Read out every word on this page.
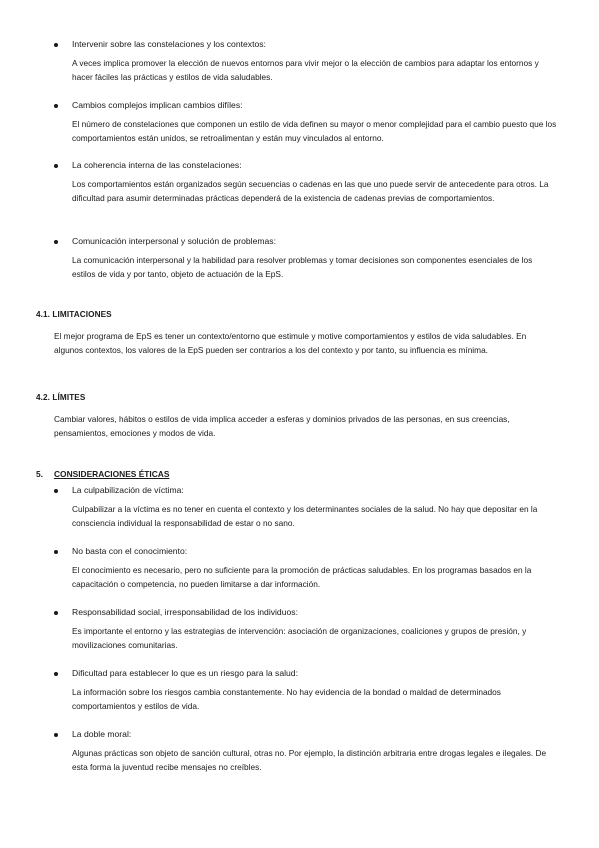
Intervenir sobre las constelaciones y los contextos:
A veces implica promover la elección de nuevos entornos para vivir mejor o la elección de cambios para adaptar los entornos y hacer fáciles las prácticas y estilos de vida saludables.
Cambios complejos implican cambios difíles:
El número de constelaciones que componen un estilo de vida definen su mayor o menor complejidad para el cambio puesto que los comportamientos están unidos, se retroalimentan y están muy vinculados al entorno.
La coherencia interna de las constelaciones:
Los comportamientos están organizados según secuencias o cadenas en las que uno puede servir de antecedente para otros. La dificultad para asumir determinadas prácticas dependerá de la existencia de cadenas previas de comportamientos.
Comunicación interpersonal y solución de problemas:
La comunicación interpersonal y la habilidad para resolver problemas y tomar decisiones son componentes esenciales de los estilos de vida y por tanto, objeto de actuación de la EpS.
4.1. LIMITACIONES
El mejor programa de EpS es tener un contexto/entorno que estimule y motive comportamientos y estilos de vida saludables. En algunos contextos, los valores de la EpS pueden ser contrarios a los del contexto y por tanto, su influencia es mínima.
4.2. LÍMITES
Cambiar valores, hábitos o estilos de vida implica acceder a esferas y dominios privados de las personas, en sus creencias, pensamientos, emociones y modos de vida.
5. CONSIDERACIONES ÉTICAS
La culpabilización de víctima:
Culpabilizar a la víctima es no tener en cuenta el contexto y los determinantes sociales de la salud. No hay que depositar en la consciencia individual la responsabilidad de estar o no sano.
No basta con el conocimiento:
El conocimiento es necesario, pero no suficiente para la promoción de prácticas saludables. En los programas basados en la capacitación o competencia, no pueden limitarse a dar información.
Responsabilidad social, irresponsabilidad de los individuos:
Es importante el entorno y las estrategias de intervención: asociación de organizaciones, coaliciones y grupos de presión, y movilizaciones comunitarias.
Dificultad para establecer lo que es un riesgo para la salud:
La información sobre los riesgos cambia constantemente. No hay evidencia de la bondad o maldad de determinados comportamientos y estilos de vida.
La doble moral:
Algunas prácticas son objeto de sanción cultural, otras no. Por ejemplo, la distinción arbitraria entre drogas legales e ilegales. De esta forma la juventud recibe mensajes no creíbles.
